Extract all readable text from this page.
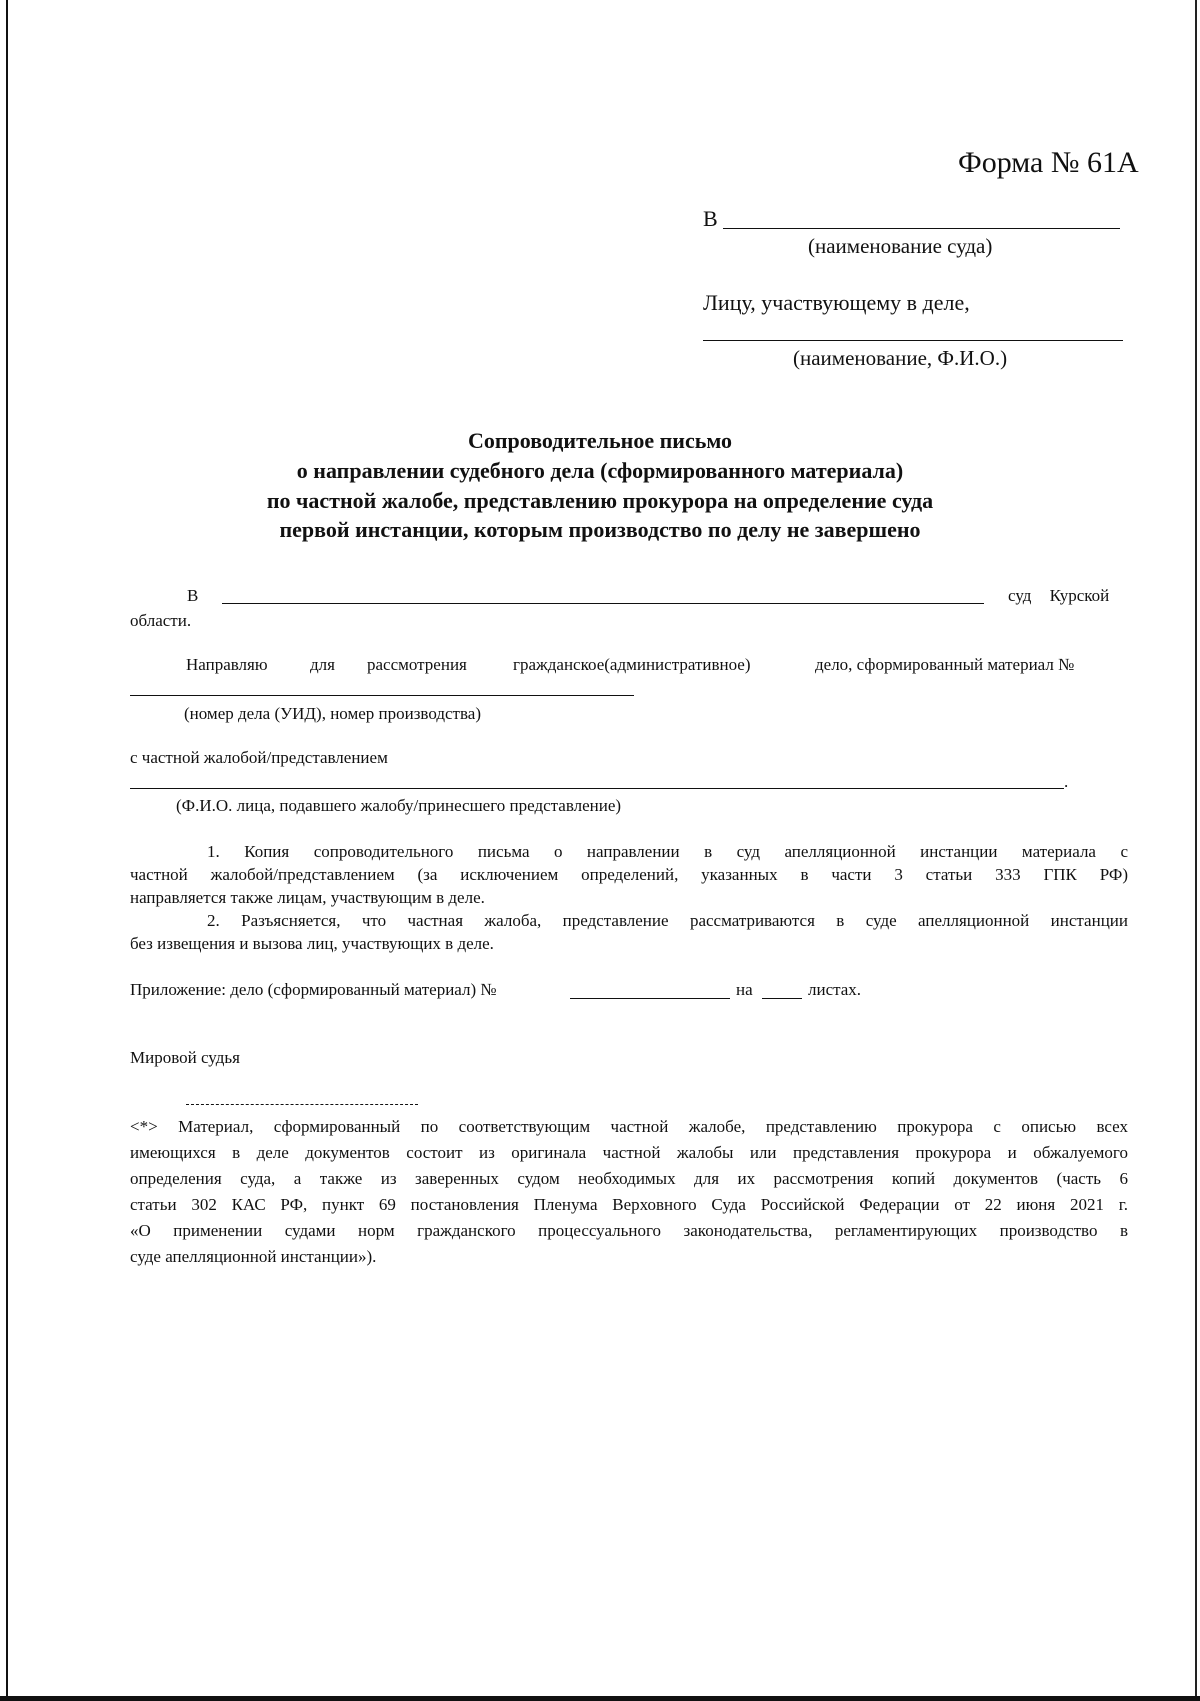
Форма № 61А
В
(наименование суда)
Лицу, участвующему в деле,
(наименование, Ф.И.О.)
Сопроводительное письмо
о направлении судебного дела (сформированного материала)
по частной жалобе, представлению прокурора на определение суда
первой инстанции, которым производство по делу не завершено
В	суд Курской
области.
Направляю для рассмотрения	гражданское(административное)	дело, сформированный материал №
(номер дела (УИД), номер производства)
с частной жалобой/представлением
.
(Ф.И.О. лица, подавшего жалобу/принесшего представление)
1. Копия сопроводительного письма о направлении в суд апелляционной инстанции материала с
частной жалобой/представлением (за исключением определений, указанных в части 3 статьи 333 ГПК РФ)
направляется также лицам, участвующим в деле.
2. Разъясняется, что частная жалоба, представление рассматриваются в суде апелляционной инстанции
без извещения и вызова лиц, участвующих в деле.
Приложение: дело (сформированный материал) №	на	листах.
Мировой судья
<*> Материал, сформированный по соответствующим частной жалобе, представлению прокурора с описью всех
имеющихся в деле документов состоит из оригинала частной жалобы или представления прокурора и обжалуемого
определения суда, а также из заверенных судом необходимых для их рассмотрения копий документов (часть 6
статьи 302 КАС РФ, пункт 69 постановления Пленума Верховного Суда Российской Федерации от 22 июня 2021 г.
«О применении судами норм гражданского процессуального законодательства, регламентирующих производство в
суде апелляционной инстанции»).
